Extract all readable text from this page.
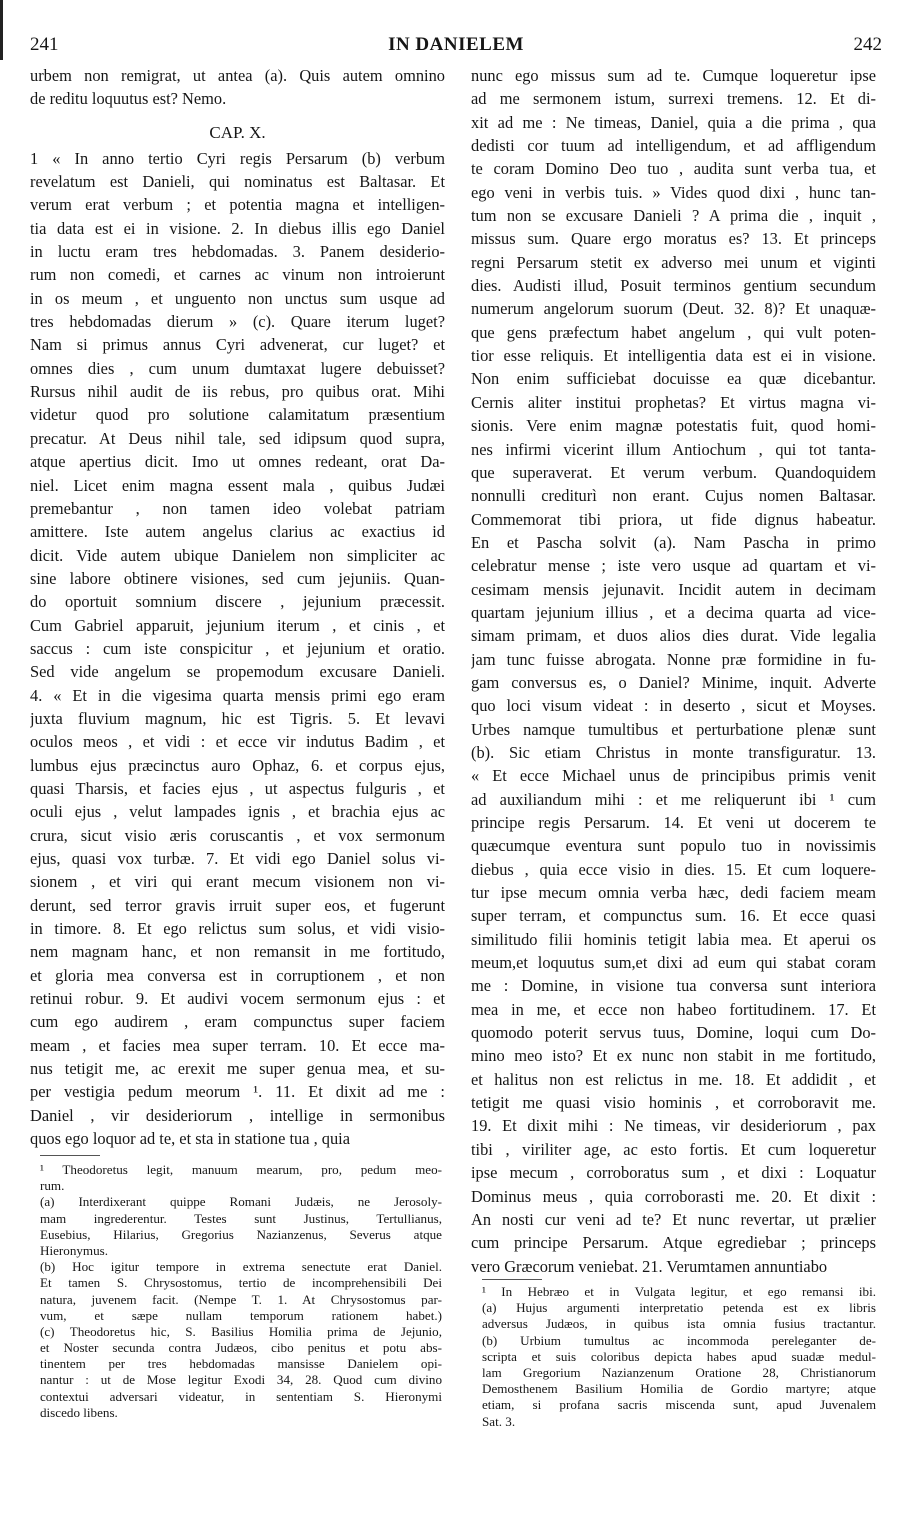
241	IN DANIELEM	242
urbem non remigrat, ut antea (a). Quis autem omnino
de reditu loquutus est? Nemo.
CAP. X.
1 « In anno tertio Cyri regis Persarum (b) verbum
revelatum est Danieli, qui nominatus est Baltasar. Et
verum erat verbum ; et potentia magna et intelligen-
tia data est ei in visione. 2. In diebus illis ego Daniel
in luctu eram tres hebdomadas. 3. Panem desiderio-
rum non comedi, et carnes ac vinum non introierunt
in os meum , et unguento non unctus sum usque ad
tres hebdomadas dierum » (c). Quare iterum luget?
Nam si primus annus Cyri advenerat, cur luget? et
omnes dies , cum unum dumtaxat lugere debuisset?
Rursus nihil audit de iis rebus, pro quibus orat. Mihi
videtur quod pro solutione calamitatum præsentium
precatur. At Deus nihil tale, sed idipsum quod supra,
atque apertius dicit. Imo ut omnes redeant, orat Da-
niel. Licet enim magna essent mala , quibus Judæi
premebantur , non tamen ideo volebat patriam
amittere. Iste autem angelus clarius ac exactius id
dicit. Vide autem ubique Danielem non simpliciter ac
sine labore obtinere visiones, sed cum jejuniis. Quan-
do oportuit somnium discere , jejunium præcessit.
Cum Gabriel apparuit, jejunium iterum , et cinis , et
saccus : cum iste conspicitur , et jejunium et oratio.
Sed vide angelum se propemodum excusare Danieli.
4. « Et in die vigesima quarta mensis primi ego eram
juxta fluvium magnum, hic est Tigris. 5. Et levavi
oculos meos , et vidi : et ecce vir indutus Badim , et
lumbus ejus præcinctus auro Ophaz, 6. et corpus ejus,
quasi Tharsis, et facies ejus , ut aspectus fulguris , et
oculi ejus , velut lampades ignis , et brachia ejus ac
crura, sicut visio æris coruscantis , et vox sermonum
ejus, quasi vox turbæ. 7. Et vidi ego Daniel solus vi-
sionem , et viri qui erant mecum visionem non vi-
derunt, sed terror gravis irruit super eos, et fugerunt
in timore. 8. Et ego relictus sum solus, et vidi visio-
nem magnam hanc, et non remansit in me fortitudo,
et gloria mea conversa est in corruptionem , et non
retinui robur. 9. Et audivi vocem sermonum ejus : et
cum ego audirem , eram compunctus super faciem
meam , et facies mea super terram. 10. Et ecce ma-
nus tetigit me, ac erexit me super genua mea, et su-
per vestigia pedum meorum ¹. 11. Et dixit ad me :
Daniel , vir desideriorum , intellige in sermonibus
quos ego loquor ad te, et sta in statione tua , quia
nunc ego missus sum ad te. Cumque loqueretur ipse
ad me sermonem istum, surrexi tremens. 12. Et di-
xit ad me : Ne timeas, Daniel, quia a die prima , qua
dedisti cor tuum ad intelligendum, et ad affligendum
te coram Domino Deo tuo , audita sunt verba tua, et
ego veni in verbis tuis. » Vides quod dixi , hunc tan-
tum non se excusare Danieli ? A prima die , inquit ,
missus sum. Quare ergo moratus es? 13. Et princeps
regni Persarum stetit ex adverso mei unum et viginti
dies. Audisti illud, Posuit terminos gentium secundum
numerum angelorum suorum (Deut. 32. 8)? Et unaquæ-
que gens præfectum habet angelum , qui vult poten-
tior esse reliquis. Et intelligentia data est ei in visione.
Non enim sufficiebat docuisse ea quæ dicebantur.
Cernis aliter institui prophetas? Et virtus magna vi-
sionis. Vere enim magnæ potestatis fuit, quod homi-
nes infirmi vicerint illum Antiochum , qui tot tanta-
que superaverat. Et verum verbum. Quandoquidem
nonnulli crediturì non erant. Cujus nomen Baltasar.
Commemorat tibi priora, ut fide dignus habeatur.
En et Pascha solvit (a). Nam Pascha in primo
celebratur mense ; iste vero usque ad quartam et vi-
cesimam mensis jejunavit. Incidit autem in decimam
quartam jejunium illius , et a decima quarta ad vice-
simam primam, et duos alios dies durat. Vide legalia
jam tunc fuisse abrogata. Nonne præ formidine in fu-
gam conversus es, o Daniel? Minime, inquit. Adverte
quo loci visum videat : in deserto , sicut et Moyses.
Urbes namque tumultibus et perturbatione plenæ sunt
(b). Sic etiam Christus in monte transfiguratur. 13.
« Et ecce Michael unus de principibus primis venit
ad auxiliandum mihi : et me reliquerunt ibi ¹ cum
principe regis Persarum. 14. Et veni ut docerem te
quæcumque eventura sunt populo tuo in novissimis
diebus , quia ecce visio in dies. 15. Et cum loquere-
tur ipse mecum omnia verba hæc, dedi faciem meam
super terram, et compunctus sum. 16. Et ecce quasi
similitudo filii hominis tetigit labia mea. Et aperui os
meum,et loquutus sum,et dixi ad eum qui stabat coram
me : Domine, in visione tua conversa sunt interiora
mea in me, et ecce non habeo fortitudinem. 17. Et
quomodo poterit servus tuus, Domine, loqui cum Do-
mino meo isto? Et ex nunc non stabit in me fortitudo,
et halitus non est relictus in me. 18. Et addidit , et
tetigit me quasi visio hominis , et corroboravit me.
19. Et dixit mihi : Ne timeas, vir desideriorum , pax
tibi , viriliter age, ac esto fortis. Et cum loqueretur
ipse mecum , corroboratus sum , et dixi : Loquatur
Dominus meus , quia corroborasti me. 20. Et dixit :
An nosti cur veni ad te? Et nunc revertar, ut prælier
cum principe Persarum. Atque egrediebar ; princeps
vero Græcorum veniebat. 21. Verumtamen annuntiabo
¹ Theodoretus legit, manuum mearum, pro, pedum meo-
rum.
(a) Interdixerant quippe Romani Judæis, ne Jerosoly-
mam ingrederentur. Testes sunt Justinus, Tertullianus,
Eusebius, Hilarius, Gregorius Nazianzenus, Severus atque
Hieronymus.
(b) Hoc igitur tempore in extrema senectute erat Daniel.
Et tamen S. Chrysostomus, tertio de incomprehensibili Dei
natura, juvenem facit. (Nempe T. 1. At Chrysostomus par-
vum, et sæpe nullam temporum rationem habet.)
(c) Theodoretus hic, S. Basilius Homilia prima de Jejunio,
et Noster secunda contra Judæos, cibo penitus et potu abs-
tinentem per tres hebdomadas mansisse Danielem opi-
nantur : ut de Mose legitur Exodi 34, 28. Quod cum divino
contextui adversari videatur, in sententiam S. Hieronymi
discedo libens.
¹ In Hebræo et in Vulgata legitur, et ego remansi ibi.
(a) Hujus argumenti interpretatio petenda est ex libris
adversus Judæos, in quibus ista omnia fusius tractantur.
(b) Urbium tumultus ac incommoda pereleganter de-
scripta et suis coloribus depicta habes apud suadæ medul-
lam Gregorium Nazianzenum Oratione 28, Christianorum
Demosthenem Basilium Homilia de Gordio martyre; atque
etiam, si profana sacris miscenda sunt, apud Juvenalem
Sat. 3.
